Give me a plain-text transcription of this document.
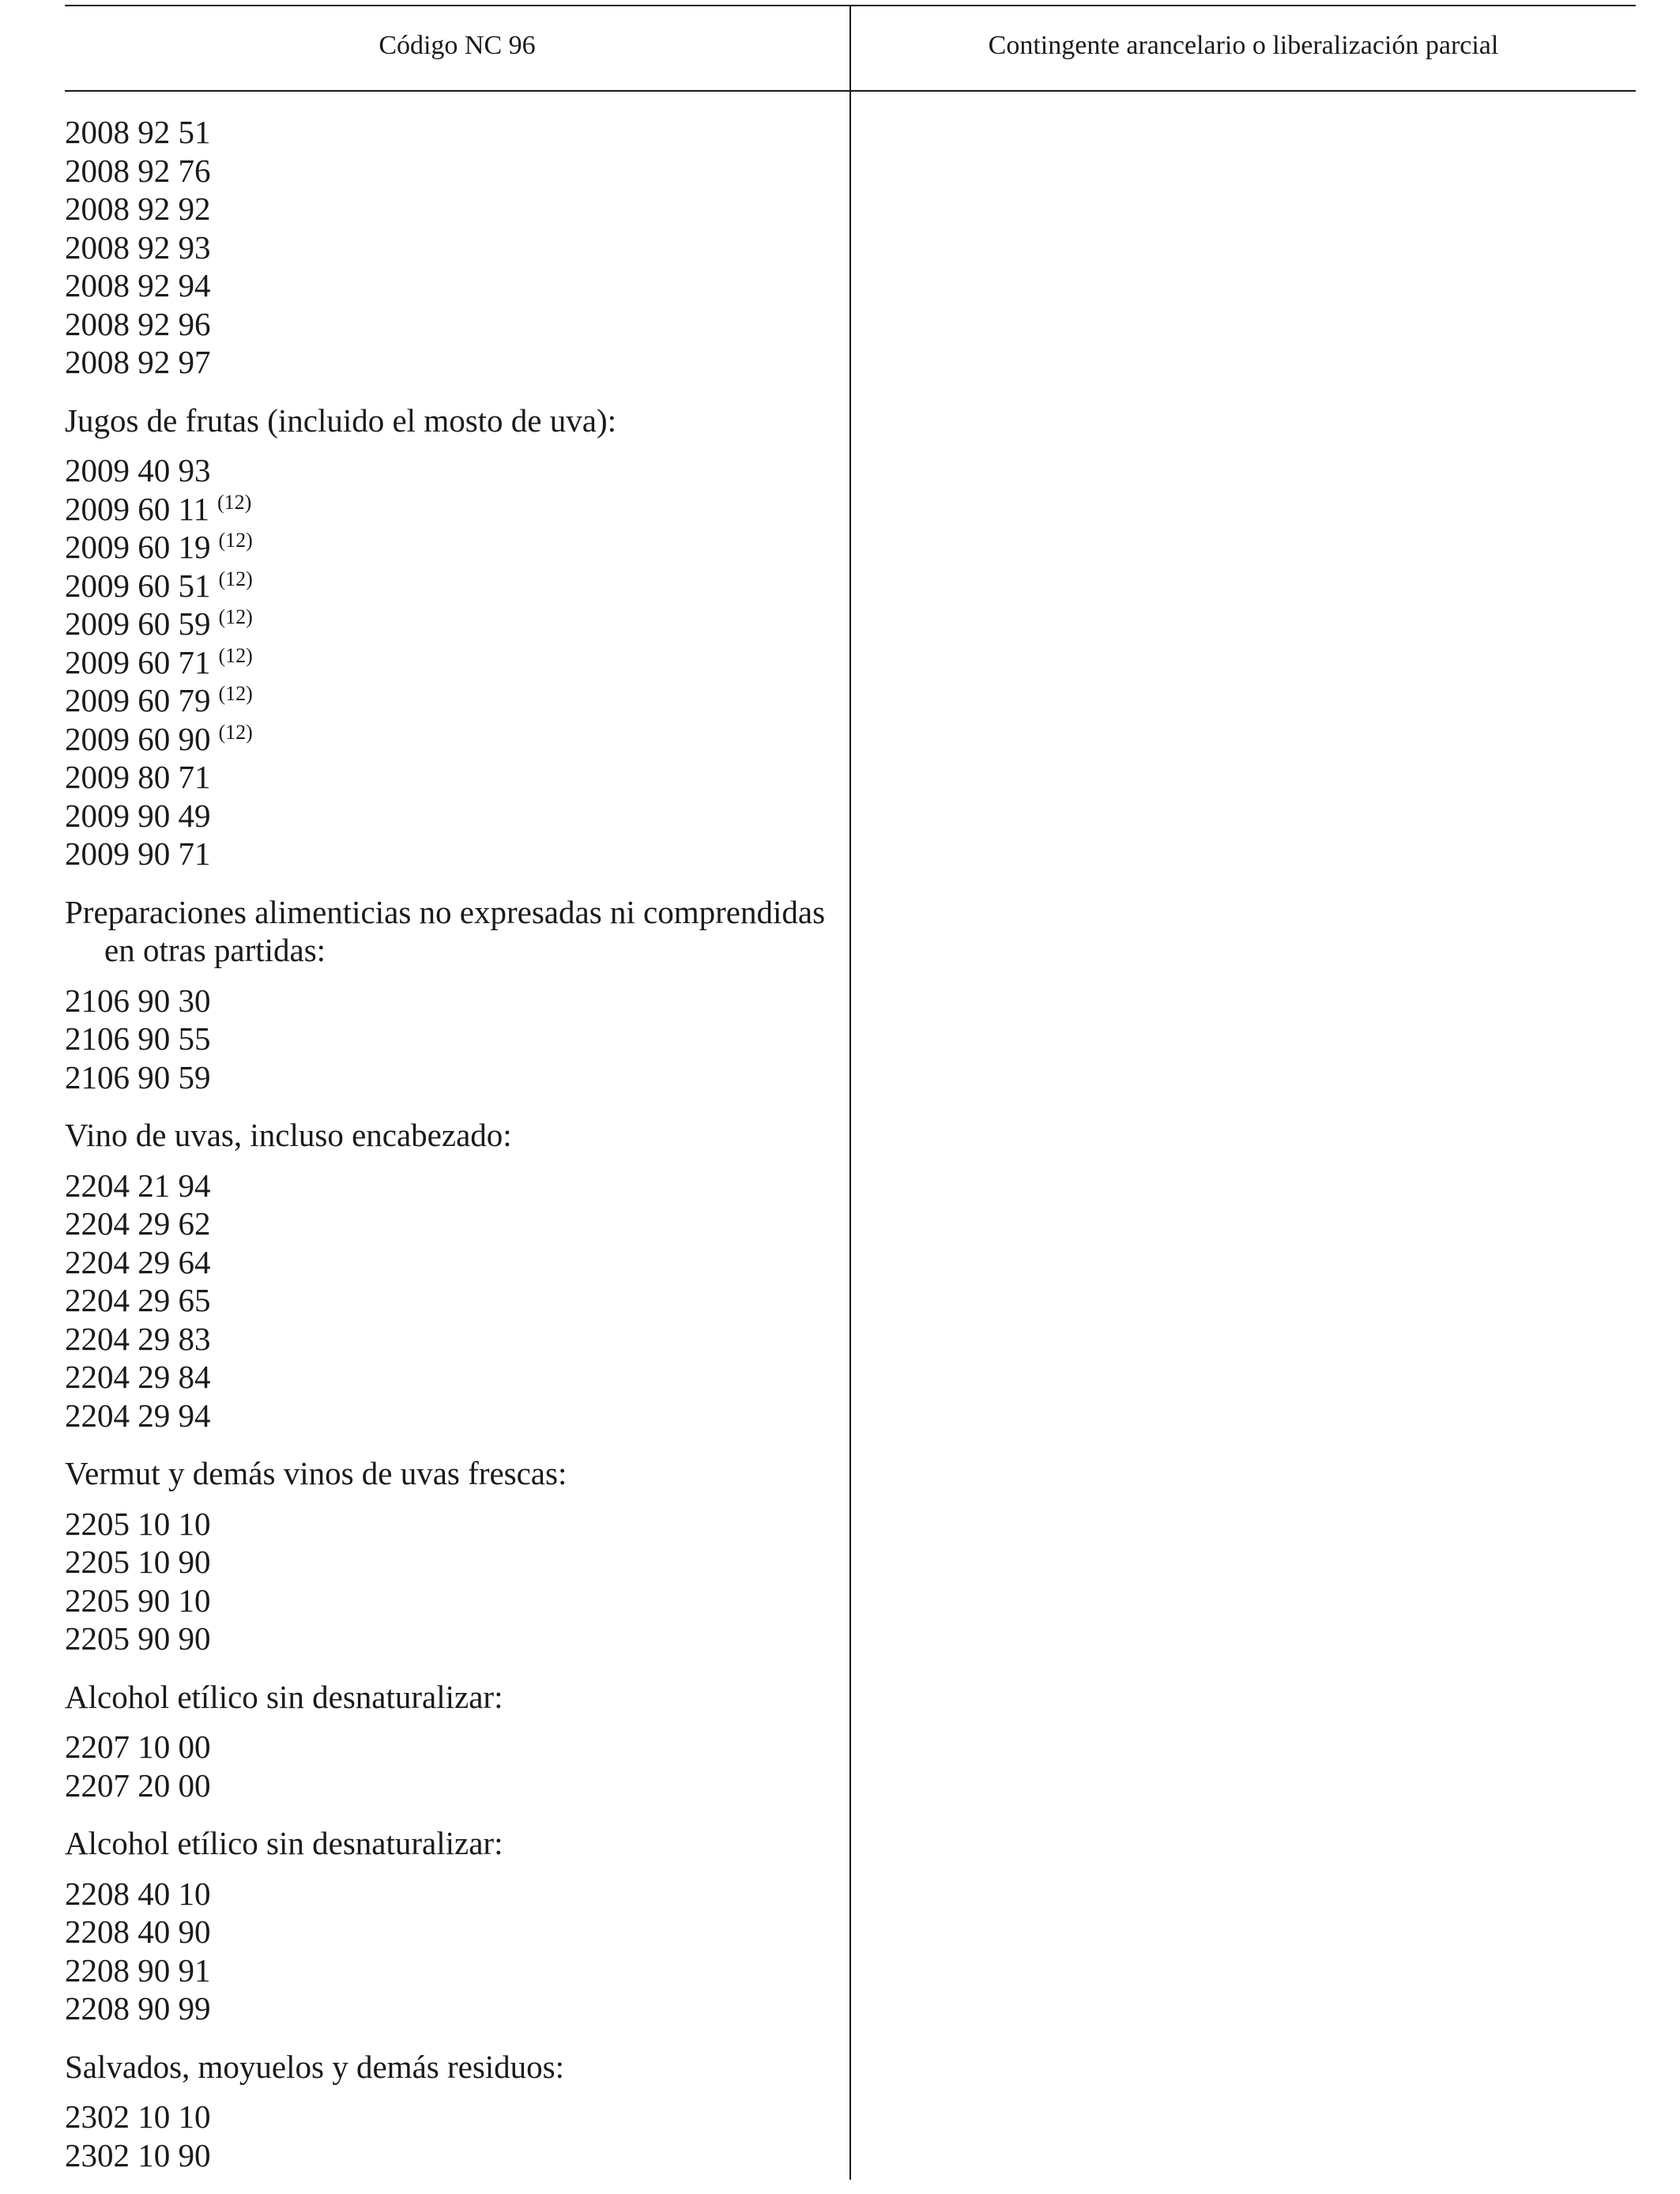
Código NC 96	Contingente arancelario o liberalización parcial
2008 92 51
2008 92 76
2008 92 92
2008 92 93
2008 92 94
2008 92 96
2008 92 97
Jugos de frutas (incluido el mosto de uva):
2009 40 93
2009 60 11 $^{(12)}$
2009 60 19 $^{(12)}$
2009 60 51 $^{(12)}$
2009 60 59 $^{(12)}$
2009 60 71 $^{(12)}$
2009 60 79 $^{(12)}$
2009 60 90 $^{(12)}$
2009 80 71
2009 90 49
2009 90 71
Preparaciones alimenticias no expresadas ni comprendidas en otras partidas:
2106 90 30
2106 90 55
2106 90 59
Vino de uvas, incluso encabezado:
2204 21 94
2204 29 62
2204 29 64
2204 29 65
2204 29 83
2204 29 84
2204 29 94
Vermut y demás vinos de uvas frescas:
2205 10 10
2205 10 90
2205 90 10
2205 90 90
Alcohol etílico sin desnaturalizar:
2207 10 00
2207 20 00
Alcohol etílico sin desnaturalizar:
2208 40 10
2208 40 90
2208 90 91
2208 90 99
Salvados, moyuelos y demás residuos:
2302 10 10
2302 10 90
